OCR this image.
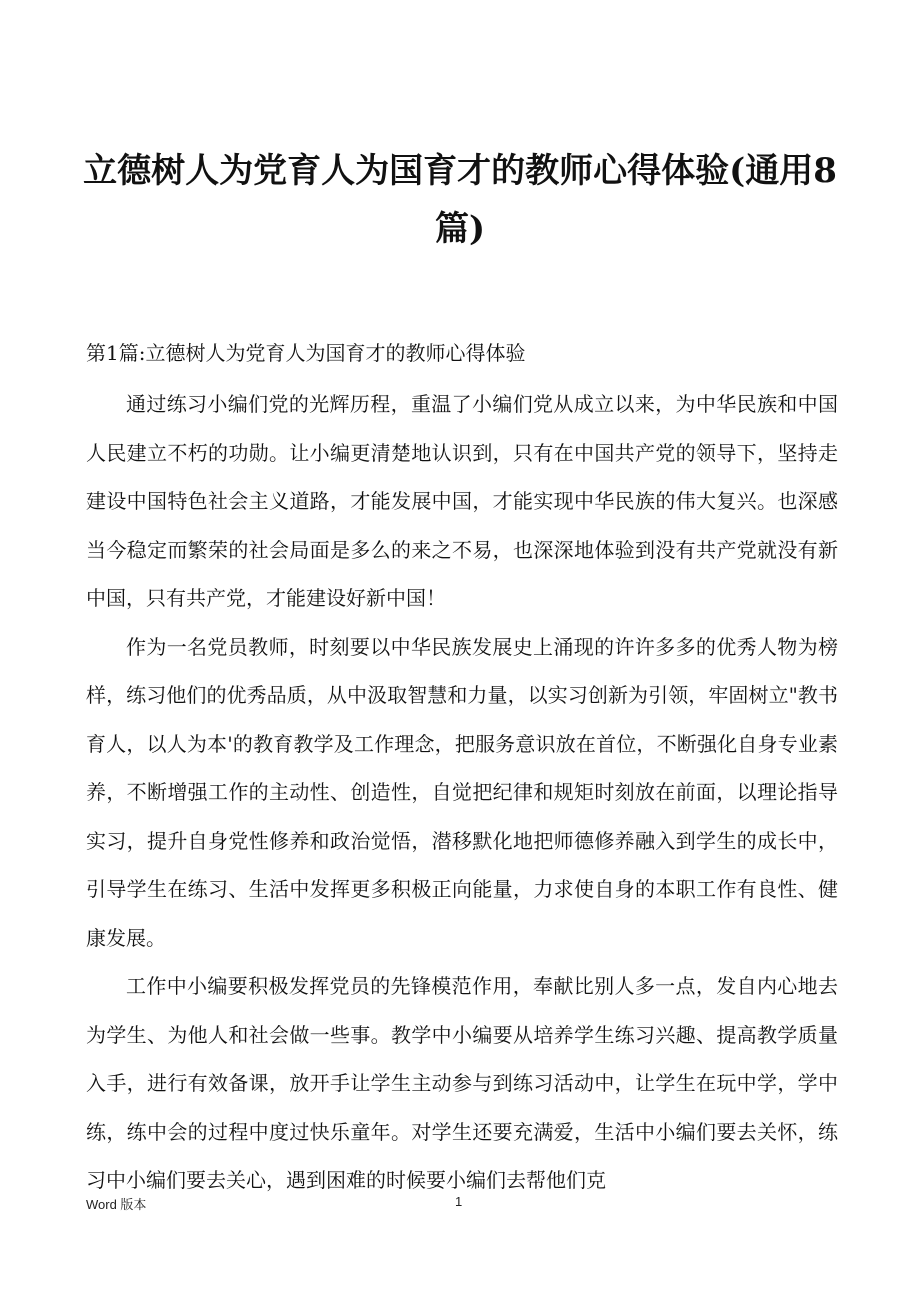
立德树人为党育人为国育才的教师心得体验(通用8篇)
第1篇:立德树人为党育人为国育才的教师心得体验

通过练习小编们党的光辉历程，重温了小编们党从成立以来，为中华民族和中国人民建立不朽的功勋。让小编更清楚地认识到，只有在中国共产党的领导下，坚持走建设中国特色社会主义道路，才能发展中国，才能实现中华民族的伟大复兴。也深感当今稳定而繁荣的社会局面是多么的来之不易，也深深地体验到没有共产党就没有新中国，只有共产党，才能建设好新中国！

作为一名党员教师，时刻要以中华民族发展史上涌现的许许多多的优秀人物为榜样，练习他们的优秀品质，从中汲取智慧和力量，以实习创新为引领，牢固树立"教书育人，以人为本'的教育教学及工作理念，把服务意识放在首位，不断强化自身专业素养，不断增强工作的主动性、创造性，自觉把纪律和规矩时刻放在前面，以理论指导实习，提升自身党性修养和政治觉悟，潜移默化地把师德修养融入到学生的成长中，引导学生在练习、生活中发挥更多积极正向能量，力求使自身的本职工作有良性、健康发展。

工作中小编要积极发挥党员的先锋模范作用，奉献比别人多一点，发自内心地去为学生、为他人和社会做一些事。教学中小编要从培养学生练习兴趣、提高教学质量入手，进行有效备课，放开手让学生主动参与到练习活动中，让学生在玩中学，学中练，练中会的过程中度过快乐童年。对学生还要充满爱，生活中小编们要去关怀，练习中小编们要去关心，遇到困难的时候要小编们去帮他们克

Word 版本	1
